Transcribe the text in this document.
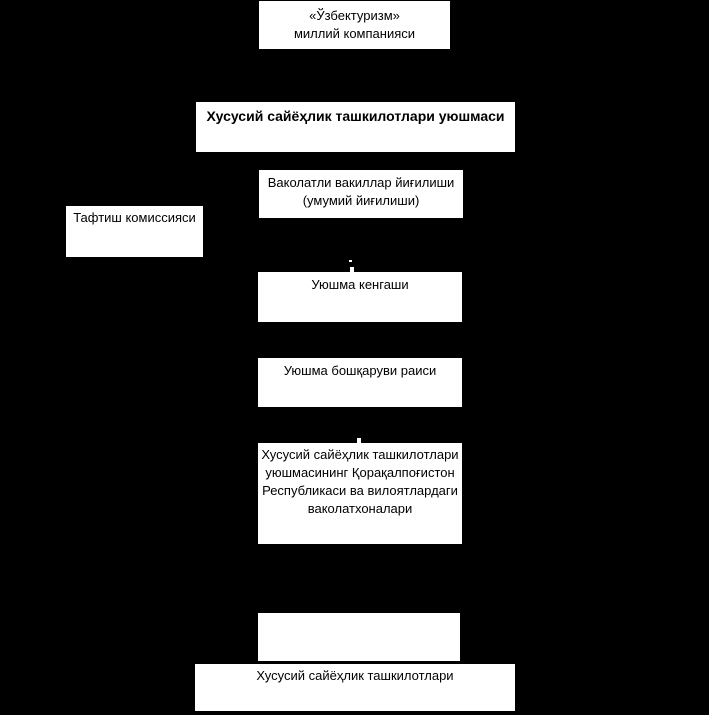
«Ўзбектуризм»
миллий компанияси
Хусусий сайёҳлик ташкилотлари уюшмаси
Ваколатли вакиллар йиғилиши
(умумий йиғилиши)
Тафтиш комиссияси
Уюшма кенгаши
Уюшма бошқаруви раиси
Хусусий сайёҳлик ташкилотлари
уюшмасининг Қорақалпоғистон
Республикаси ва вилоятлардаги
ваколатхоналари
Хусусий сайёҳлик ташкилотлари
